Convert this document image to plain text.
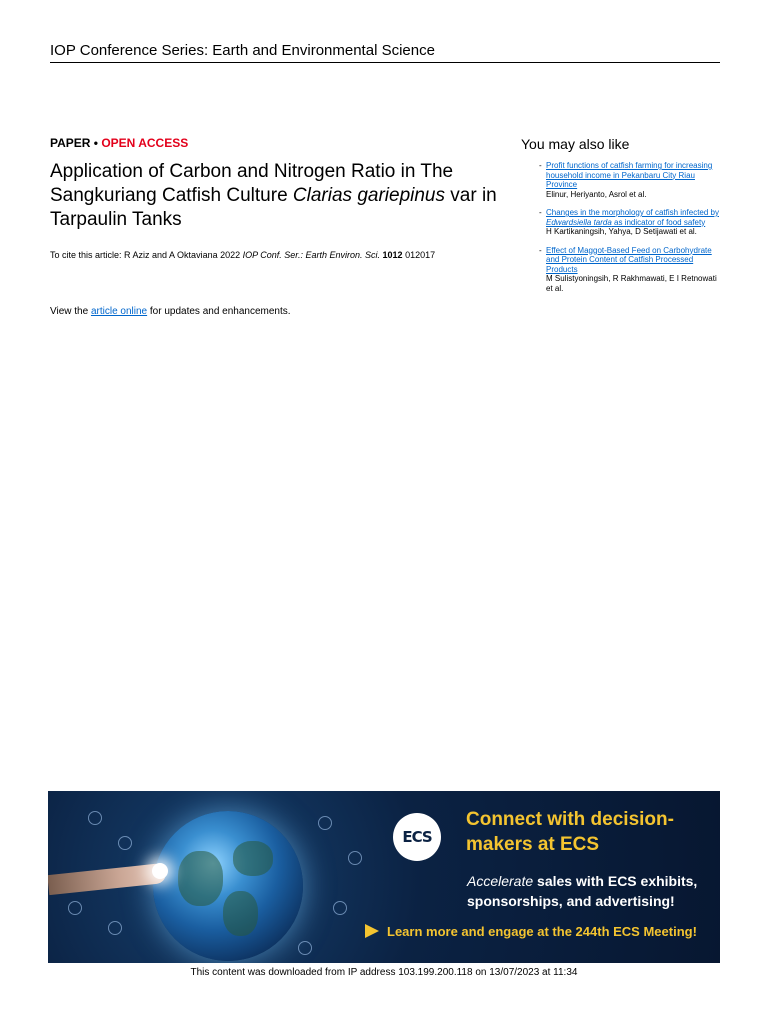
IOP Conference Series: Earth and Environmental Science
PAPER • OPEN ACCESS
Application of Carbon and Nitrogen Ratio in The Sangkuriang Catfish Culture Clarias gariepinus var in Tarpaulin Tanks
To cite this article: R Aziz and A Oktaviana 2022 IOP Conf. Ser.: Earth Environ. Sci. 1012 012017
View the article online for updates and enhancements.
You may also like
- Profit functions of catfish farming for increasing household income in Pekanbaru City Riau Province
Elinur, Heriyanto, Asrol et al.
- Changes in the morphology of catfish infected by Edwardsiella tarda as indicator of food safety
H Kartikaningsih, Yahya, D Setijawati et al.
- Effect of Maggot-Based Feed on Carbohydrate and Protein Content of Catfish Processed Products
M Sulistyoningsih, R Rakhmawati, E I Retnowati et al.
ECS
Connect with decision-makers at ECS
Accelerate sales with ECS exhibits, sponsorships, and advertising!
Learn more and engage at the 244th ECS Meeting!
This content was downloaded from IP address 103.199.200.118 on 13/07/2023 at 11:34
